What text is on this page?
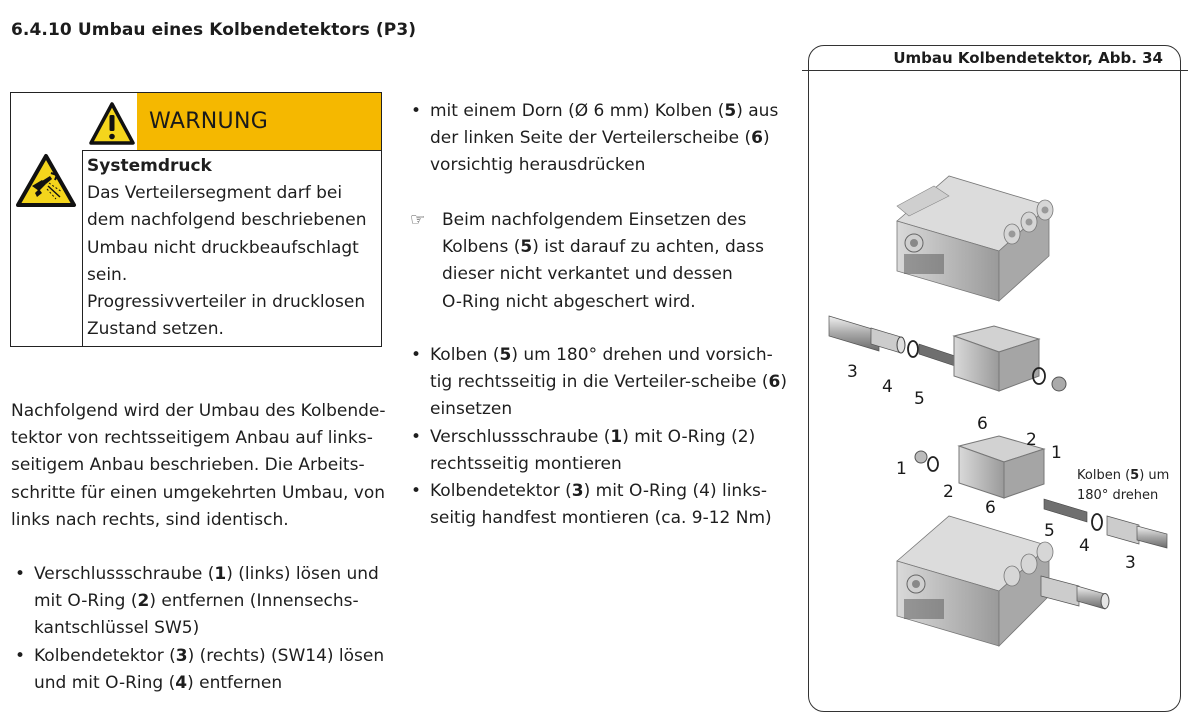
6.4.10 Umbau eines Kolbendetektors (P3)
WARNUNG
Systemdruck
Das Verteilersegment darf bei
dem nachfolgend beschriebenen
Umbau nicht druckbeaufschlagt
sein.
Progressivverteiler in drucklosen
Zustand setzen.
Nachfolgend wird der Umbau des Kolbende-
tektor von rechtsseitigem Anbau auf links-
seitigem Anbau beschrieben. Die Arbeits-
schritte für einen umgekehrten Umbau, von
links nach rechts, sind identisch.
• Verschlussschraube (1) (links) lösen und
mit O-Ring (2) entfernen (Innensechs-
kantschlüssel SW5)
• Kolbendetektor (3) (rechts) (SW14) lösen
und mit O-Ring (4) entfernen
• mit einem Dorn (Ø 6 mm) Kolben (5) aus
der linken Seite der Verteilerscheibe (6)
vorsichtig herausdrücken
☞ Beim nachfolgendem Einsetzen des
Kolbens (5) ist darauf zu achten, dass
dieser nicht verkantet und dessen
O-Ring nicht abgeschert wird.
• Kolben (5) um 180° drehen und vorsich-
tig rechtsseitig in die Verteiler-scheibe (6)
einsetzen
• Verschlussschraube (1) mit O-Ring (2)
rechtsseitig montieren
• Kolbendetektor (3) mit O-Ring (4) links-
seitig handfest montieren (ca. 9-12 Nm)
Umbau Kolbendetektor, Abb. 34
3
4
5
6
2
1
1
2
6
5
4
3
Kolben (5) um
180° drehen
